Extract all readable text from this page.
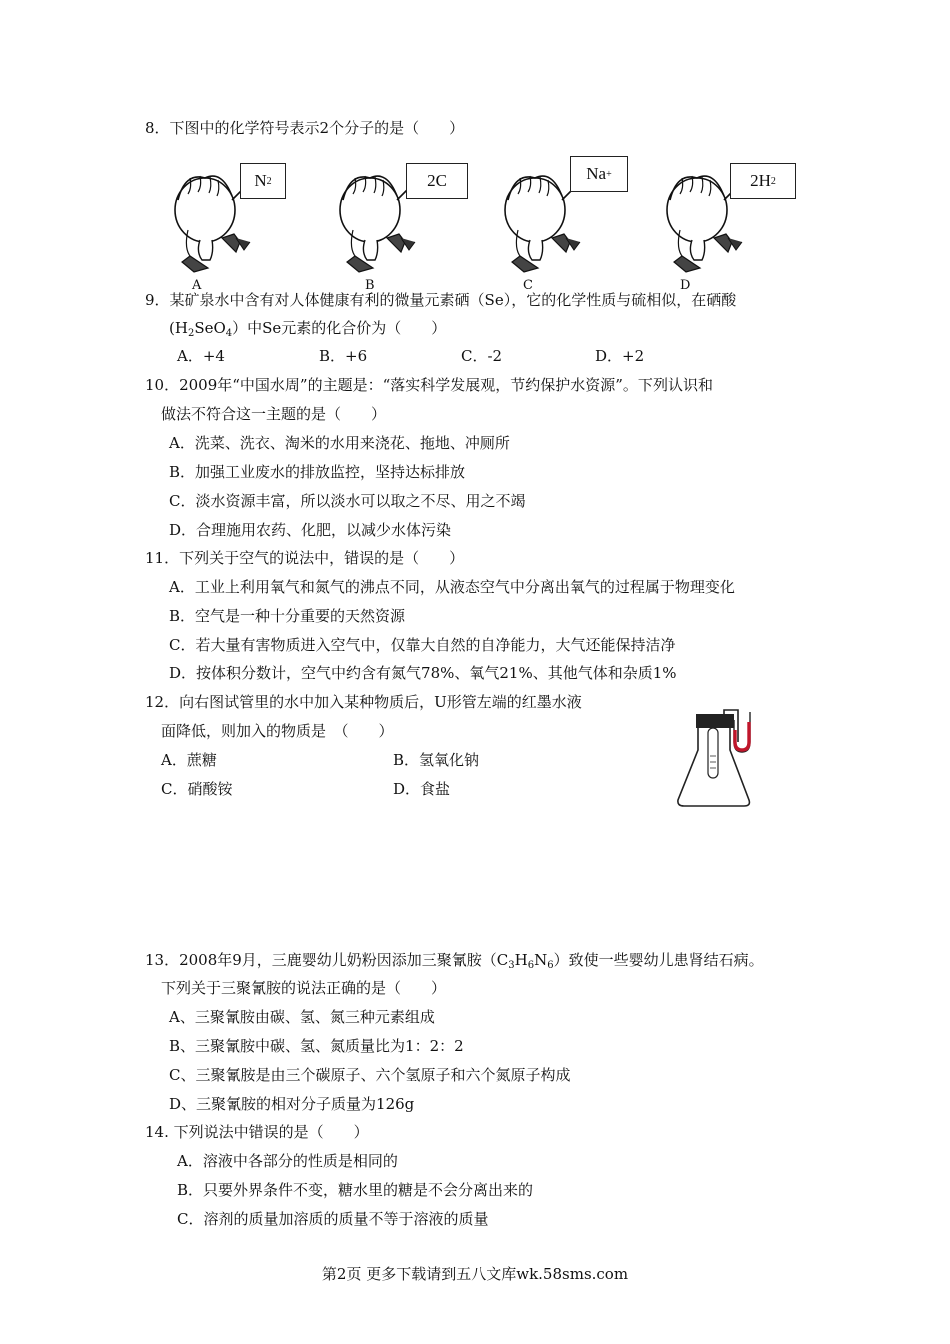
8．下图中的化学符号表示2个分子的是（　　）
N 2	2C	Na +	2H 2
A	B	C	D
9．某矿泉水中含有对人体健康有利的微量元素硒（Se），它的化学性质与硫相似，在硒酸
$(H_2SeO_4)$中Se元素的化合价为（　　）
A．+4	B．+6	C．-2	D．+2
10．2009年“中国水周”的主题是：“落实科学发展观，节约保护水资源”。下列认识和
做法不符合这一主题的是（　　）
A．洗菜、洗衣、淘米的水用来浇花、拖地、冲厕所
B．加强工业废水的排放监控，坚持达标排放
C．淡水资源丰富，所以淡水可以取之不尽、用之不竭
D．合理施用农药、化肥，以减少水体污染
11．下列关于空气的说法中，错误的是（　　）
A．工业上利用氧气和氮气的沸点不同，从液态空气中分离出氧气的过程属于物理变化
B．空气是一种十分重要的天然资源
C．若大量有害物质进入空气中，仅靠大自然的自净能力，大气还能保持洁净
D．按体积分数计，空气中约含有氮气78%、氧气21%、其他气体和杂质1%
12．向右图试管里的水中加入某种物质后，U形管左端的红墨水液
面降低，则加入的物质是　（　　）
A．蔗糖	B．氢氧化钠
C．硝酸铵	D．食盐
13．2008年9月，三鹿婴幼儿奶粉因添加三聚氰胺$(C_3H_6N_6)$致使一些婴幼儿患肾结石病。
下列关于三聚氰胺的说法正确的是（　　）
A、三聚氰胺由碳、氢、氮三种元素组成
B、三聚氰胺中碳、氢、氮质量比为1：2：2
C、三聚氰胺是由三个碳原子、六个氢原子和六个氮原子构成
D、三聚氰胺的相对分子质量为126g
14. 下列说法中错误的是（　　）
A．溶液中各部分的性质是相同的
B．只要外界条件不变，糖水里的糖是不会分离出来的
C．溶剂的质量加溶质的质量不等于溶液的质量
第2页 更多下载请到五八文库wk.58sms.com
